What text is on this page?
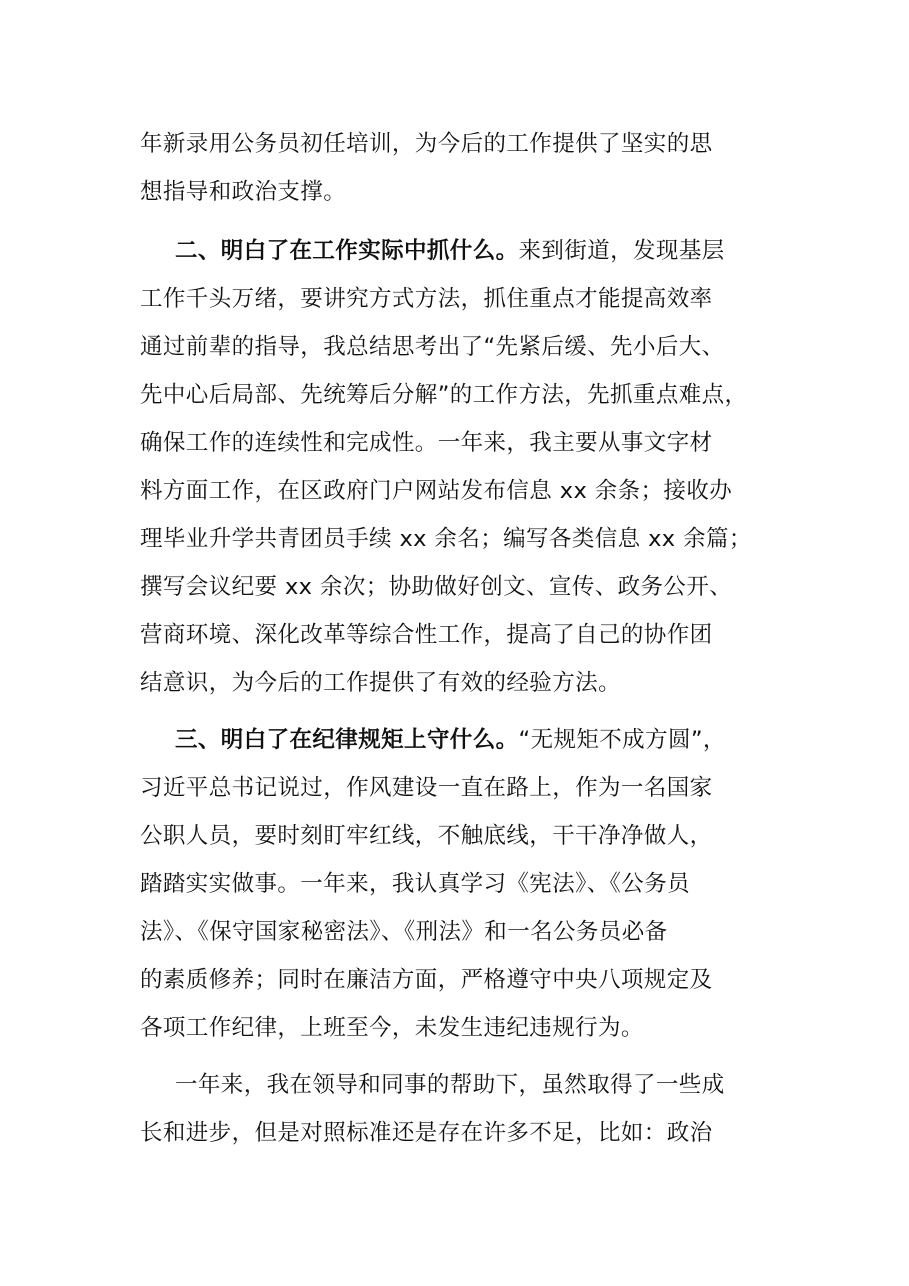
年新录用公务员初任培训，为今后的工作提供了坚实的思
想指导和政治支撑。
二、明白了在工作实际中抓什么。来到街道，发现基层
工作千头万绪，要讲究方式方法，抓住重点才能提高效率
通过前辈的指导，我总结思考出了“先紧后缓、先小后大、
先中心后局部、先统筹后分解”的工作方法，先抓重点难点，
确保工作的连续性和完成性。一年来，我主要从事文字材
料方面工作，在区政府门户网站发布信息 xx 余条；接收办
理毕业升学共青团员手续 xx 余名；编写各类信息 xx 余篇；
撰写会议纪要 xx 余次；协助做好创文、宣传、政务公开、
营商环境、深化改革等综合性工作，提高了自己的协作团
结意识，为今后的工作提供了有效的经验方法。
三、明白了在纪律规矩上守什么。“无规矩不成方圆”，
习近平总书记说过，作风建设一直在路上，作为一名国家
公职人员，要时刻盯牢红线，不触底线，干干净净做人，
踏踏实实做事。一年来，我认真学习《宪法》、《公务员
法》、《保守国家秘密法》、《刑法》和一名公务员必备
的素质修养；同时在廉洁方面，严格遵守中央八项规定及
各项工作纪律，上班至今，未发生违纪违规行为。
一年来，我在领导和同事的帮助下，虽然取得了一些成
长和进步，但是对照标准还是存在许多不足，比如：政治
